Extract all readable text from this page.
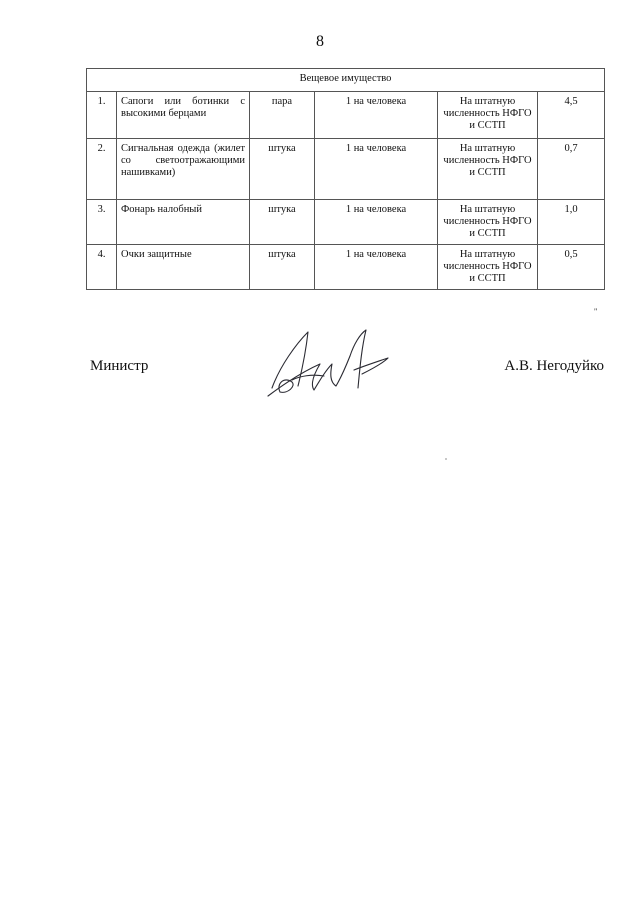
8
Вещевое имущество					
1.	Сапоги или ботинки с высокими берцами	пара	1 на человека	На штатную численность НФГО и ССТП	4,5
2.	Сигнальная одежда (жилет со светоотражающими нашивками)	штука	1 на человека	На штатную численность НФГО и ССТП	0,7
3.	Фонарь налобный	штука	1 на человека	На штатную численность НФГО и ССТП	1,0
4.	Очки защитные	штука	1 на человека	На штатную численность НФГО и ССТП	0,5
"
Министр	А.В. Негодуйко
